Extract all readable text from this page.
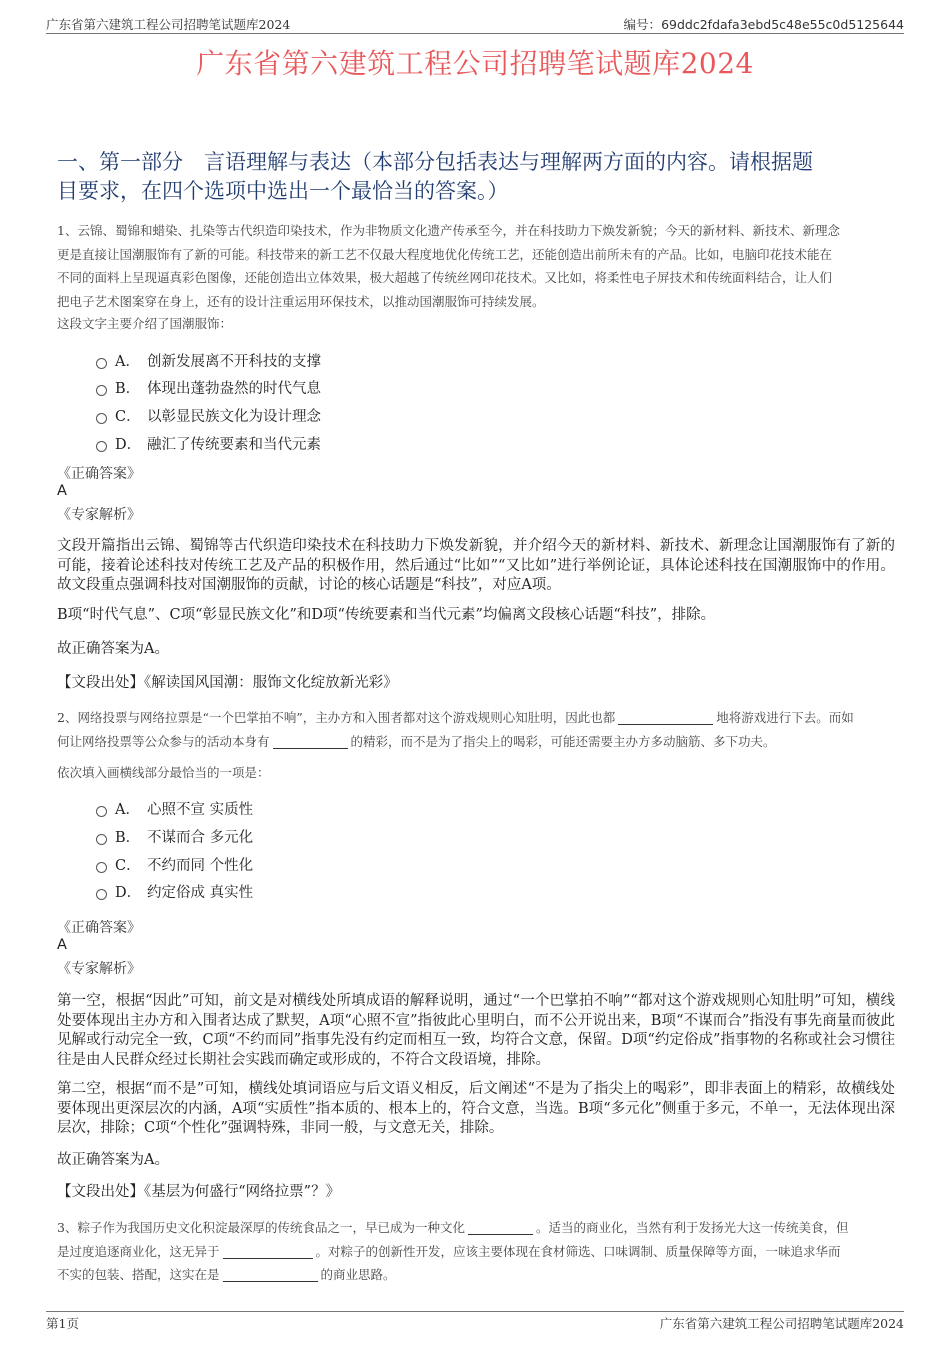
广东省第六建筑工程公司招聘笔试题库2024	编号：69ddc2fdafa3ebd5c48e55c0d5125644
广东省第六建筑工程公司招聘笔试题库2024
一、第一部分　言语理解与表达（本部分包括表达与理解两方面的内容。请根据题
目要求，在四个选项中选出一个最恰当的答案。）
1、云锦、蜀锦和蜡染、扎染等古代织造印染技术，作为非物质文化遗产传承至今，并在科技助力下焕发新貌；今天的新材料、新技术、新理念
更是直接让国潮服饰有了新的可能。科技带来的新工艺不仅最大程度地优化传统工艺，还能创造出前所未有的产品。比如，电脑印花技术能在
不同的面料上呈现逼真彩色图像，还能创造出立体效果，极大超越了传统丝网印花技术。又比如，将柔性电子屏技术和传统面料结合，让人们
把电子艺术图案穿在身上，还有的设计注重运用环保技术，以推动国潮服饰可持续发展。
这段文字主要介绍了国潮服饰：
A． 创新发展离不开科技的支撑
B． 体现出蓬勃盎然的时代气息
C． 以彰显民族文化为设计理念
D． 融汇了传统要素和当代元素
《正确答案》
A
《专家解析》
文段开篇指出云锦、蜀锦等古代织造印染技术在科技助力下焕发新貌，并介绍今天的新材料、新技术、新理念让国潮服饰有了新的可能，接着论述科技对传统工艺及产品的积极作用，然后通过“比如”“又比如”进行举例论证，具体论述科技在国潮服饰中的作用。故文段重点强调科技对国潮服饰的贡献，讨论的核心话题是“科技”，对应A项。
B项“时代气息”、C项“彰显民族文化”和D项“传统要素和当代元素”均偏离文段核心话题“科技”，排除。
故正确答案为A。
【文段出处】《解读国风国潮：服饰文化绽放新光彩》
2、网络投票与网络拉票是“一个巴掌拍不响”，主办方和入围者都对这个游戏规则心知肚明，因此也都	地将游戏进行下去。而如
何让网络投票等公众参与的活动本身有	的精彩，而不是为了指尖上的喝彩，可能还需要主办方多动脑筋、多下功夫。
依次填入画横线部分最恰当的一项是：
A． 心照不宣 实质性
B． 不谋而合 多元化
C． 不约而同 个性化
D． 约定俗成 真实性
《正确答案》
A
《专家解析》
第一空，根据“因此”可知，前文是对横线处所填成语的解释说明，通过“一个巴掌拍不响”“都对这个游戏规则心知肚明”可知，横线处要体现出主办方和入围者达成了默契，A项“心照不宣”指彼此心里明白，而不公开说出来，B项“不谋而合”指没有事先商量而彼此见解或行动完全一致，C项“不约而同”指事先没有约定而相互一致，均符合文意，保留。D项“约定俗成”指事物的名称或社会习惯往往是由人民群众经过长期社会实践而确定或形成的，不符合文段语境，排除。
第二空，根据“而不是”可知，横线处填词语应与后文语义相反，后文阐述“不是为了指尖上的喝彩”，即非表面上的精彩，故横线处要体现出更深层次的内涵，A项“实质性”指本质的、根本上的，符合文意，当选。B项“多元化”侧重于多元，不单一，无法体现出深层次，排除；C项“个性化”强调特殊，非同一般，与文意无关，排除。
故正确答案为A。
【文段出处】《基层为何盛行“网络拉票”？》
3、粽子作为我国历史文化积淀最深厚的传统食品之一，早已成为一种文化	。适当的商业化，当然有利于发扬光大这一传统美食，但
是过度追逐商业化，这无异于	。对粽子的创新性开发，应该主要体现在食材筛选、口味调制、质量保障等方面，一味追求华而
不实的包装、搭配，这实在是	的商业思路。
第1页	广东省第六建筑工程公司招聘笔试题库2024
